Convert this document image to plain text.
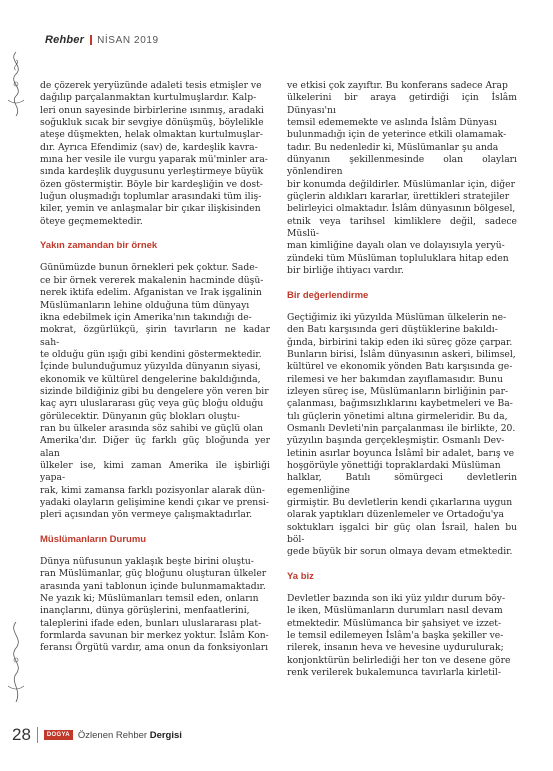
Rehber NİSAN 2019

de çözerek yeryüzünde adaleti tesis etmişler ve

dağılıp parçalanmaktan kurtulmuşlardır. Kalp-

leri onun sayesinde birbirlerine ısınmış, aradaki

soğukluk sıcak bir sevgiye dönüşmüş, böylelikle

ateşe düşmekten, helak olmaktan kurtulmuşlar-

dır. Ayrıca Efendimiz (sav) de, kardeşlik kavra-

mına her vesile ile vurgu yaparak mü'minler ara-

sında kardeşlik duygusunu yerleştirmeye büyük

özen göstermiştir. Böyle bir kardeşliğin ve dost-

luğun oluşmadığı toplumlar arasındaki tüm iliş-

kiler, yemin ve anlaşmalar bir çıkar ilişkisinden

öteye geçmemektedir.

Yakın zamandan bir örnek

Günümüzde bunun örnekleri pek çoktur. Sade-

ce bir örnek vererek makalenin hacminde düşü-

nerek iktifa edelim. Afganistan ve Irak işgalinin

Müslümanların lehine olduğuna tüm dünyayı

ikna edebilmek için Amerika'nın takındığı de-

mokrat, özgürlükçü, şirin tavırların ne kadar sah-

te olduğu gün ışığı gibi kendini göstermektedir.

İçinde bulunduğumuz yüzyılda dünyanın siyasi,

ekonomik ve kültürel dengelerine bakıldığında,

sizinde bildiğiniz gibi bu dengelere yön veren bir

kaç ayrı uluslararası güç veya güç bloğu olduğu

görülecektir. Dünyanın güç blokları oluştu-

ran bu ülkeler arasında söz sahibi ve güçlü olan

Amerika'dır. Diğer üç farklı güç bloğunda yer alan

ülkeler ise, kimi zaman Amerika ile işbirliği yapa-

rak, kimi zamansa farklı pozisyonlar alarak dün-

yadaki olayların gelişimine kendi çıkar ve prensi-

pleri açısından yön vermeye çalışmaktadırlar.

Müslümanların Durumu

Dünya nüfusunun yaklaşık beşte birini oluştu-

ran Müslümanlar, güç bloğunu oluşturan ülkeler

arasında yani tablonun içinde bulunmamaktadır.

Ne yazık ki; Müslümanları temsil eden, onların

inançlarını, dünya görüşlerini, menfaatlerini,

taleplerini ifade eden, bunları uluslararası plat-

formlarda savunan bir merkez yoktur. İslâm Kon-

feransı Örgütü vardır, ama onun da fonksiyonları

ve etkisi çok zayıftır. Bu konferans sadece Arap

ülkelerini bir araya getirdiği için İslâm Dünyası'nı

temsil edememekte ve aslında İslâm Dünyası

bulunmadığı için de yeterince etkili olamamak-

tadır. Bu nedenledir ki, Müslümanlar şu anda

dünyanın şekillenmesinde olan olayları yönlendiren

bir konumda değildirler. Müslümanlar için, diğer

güçlerin aldıkları kararlar, ürettikleri stratejiler

belirleyici olmaktadır. İslâm dünyasının bölgesel,

etnik veya tarihsel kimliklere değil, sadece Müslü-

man kimliğine dayalı olan ve dolayısıyla yeryü-

zündeki tüm Müslüman topluluklara hitap eden

bir birliğe ihtiyacı vardır.

Bir değerlendirme

Geçtiğimiz iki yüzyılda Müslüman ülkelerin ne-

den Batı karşısında geri düştüklerine bakıldı-

ğında, birbirini takip eden iki süreç göze çarpar.

Bunların birisi, İslâm dünyasının askeri, bilimsel,

kültürel ve ekonomik yönden Batı karşısında ge-

rilemesi ve her bakımdan zayıflamasıdır. Bunu

izleyen süreç ise, Müslümanların birliğinin par-

çalanması, bağımsızlıklarını kaybetmeleri ve Ba-

tılı güçlerin yönetimi altına girmeleridir. Bu da,

Osmanlı Devleti'nin parçalanması ile birlikte, 20.

yüzyılın başında gerçekleşmiştir. Osmanlı Dev-

letinin asırlar boyunca İslâmî bir adalet, barış ve

hoşgörüyle yönettiği topraklardaki Müslüman

halklar, Batılı sömürgeci devletlerin egemenliğine

girmiştir. Bu devletlerin kendi çıkarlarına uygun

olarak yaptıkları düzenlemeler ve Ortadoğu'ya

soktukları işgalci bir güç olan İsrail, halen bu böl-

gede büyük bir sorun olmaya devam etmektedir.

Ya biz

Devletler bazında son iki yüz yıldır durum böy-

le iken, Müslümanların durumları nasıl devam

etmektedir. Müslümanca bir şahsiyet ve izzet-

le temsil edilemeyen İslâm'a başka şekiller ve-

rilerek, insanın heva ve hevesine uydurulurak;

konjonktürün belirlediği her ton ve desene göre

renk verilerek bukalemunca tavırlarla kirletil-

28	DOGYA Özlenen Rehber Dergisi
